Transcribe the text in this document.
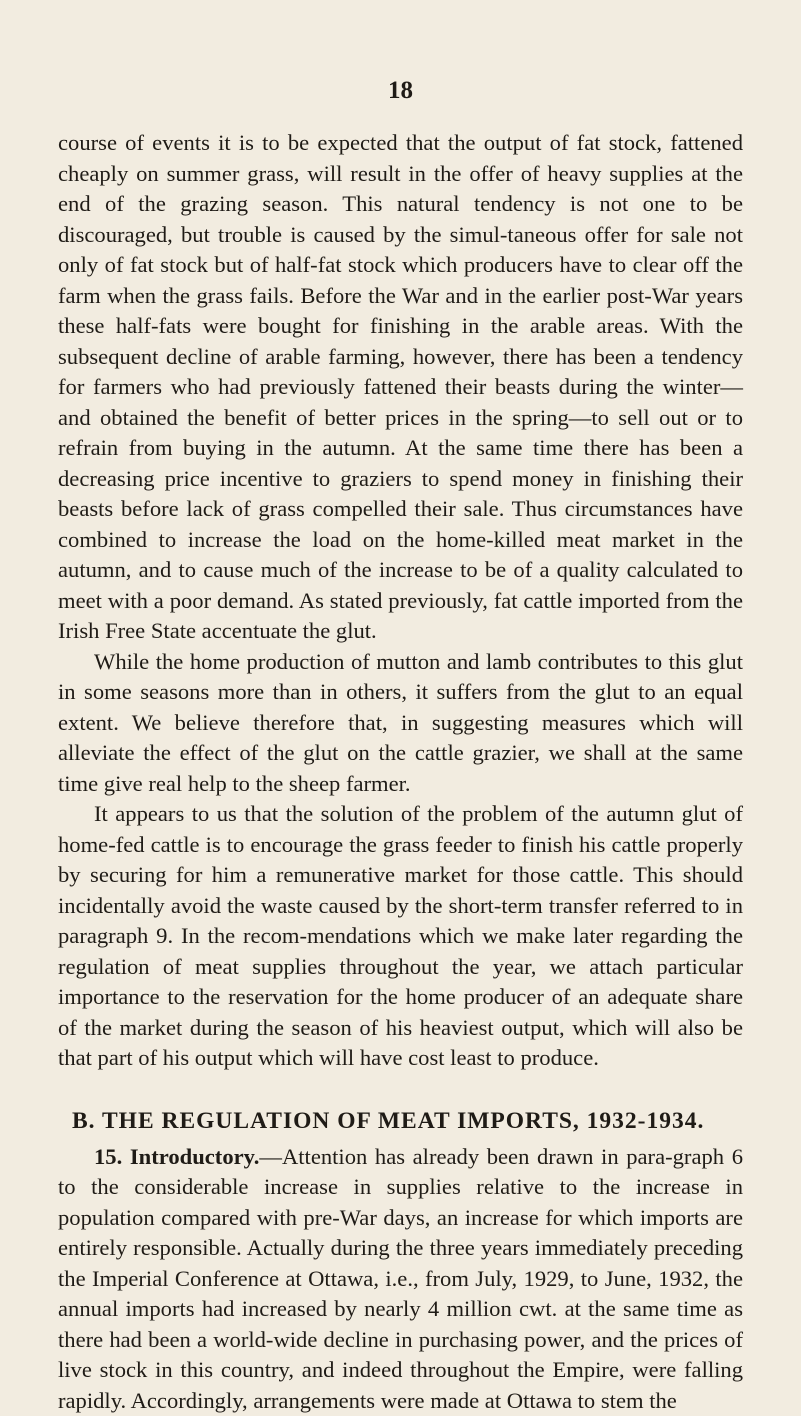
18

course of events it is to be expected that the output of fat stock, fattened cheaply on summer grass, will result in the offer of heavy supplies at the end of the grazing season. This natural tendency is not one to be discouraged, but trouble is caused by the simul-taneous offer for sale not only of fat stock but of half-fat stock which producers have to clear off the farm when the grass fails. Before the War and in the earlier post-War years these half-fats were bought for finishing in the arable areas. With the subsequent decline of arable farming, however, there has been a tendency for farmers who had previously fattened their beasts during the winter—and obtained the benefit of better prices in the spring—to sell out or to refrain from buying in the autumn. At the same time there has been a decreasing price incentive to graziers to spend money in finishing their beasts before lack of grass compelled their sale. Thus circumstances have combined to increase the load on the home-killed meat market in the autumn, and to cause much of the increase to be of a quality calculated to meet with a poor demand. As stated previously, fat cattle imported from the Irish Free State accentuate the glut.

While the home production of mutton and lamb contributes to this glut in some seasons more than in others, it suffers from the glut to an equal extent. We believe therefore that, in suggesting measures which will alleviate the effect of the glut on the cattle grazier, we shall at the same time give real help to the sheep farmer.

It appears to us that the solution of the problem of the autumn glut of home-fed cattle is to encourage the grass feeder to finish his cattle properly by securing for him a remunerative market for those cattle. This should incidentally avoid the waste caused by the short-term transfer referred to in paragraph 9. In the recom-mendations which we make later regarding the regulation of meat supplies throughout the year, we attach particular importance to the reservation for the home producer of an adequate share of the market during the season of his heaviest output, which will also be that part of his output which will have cost least to produce.

B. THE REGULATION OF MEAT IMPORTS, 1932-1934.

15. Introductory.—Attention has already been drawn in para-graph 6 to the considerable increase in supplies relative to the increase in population compared with pre-War days, an increase for which imports are entirely responsible. Actually during the three years immediately preceding the Imperial Conference at Ottawa, i.e., from July, 1929, to June, 1932, the annual imports had increased by nearly 4 million cwt. at the same time as there had been a world-wide decline in purchasing power, and the prices of live stock in this country, and indeed throughout the Empire, were falling rapidly. Accordingly, arrangements were made at Ottawa to stem the
